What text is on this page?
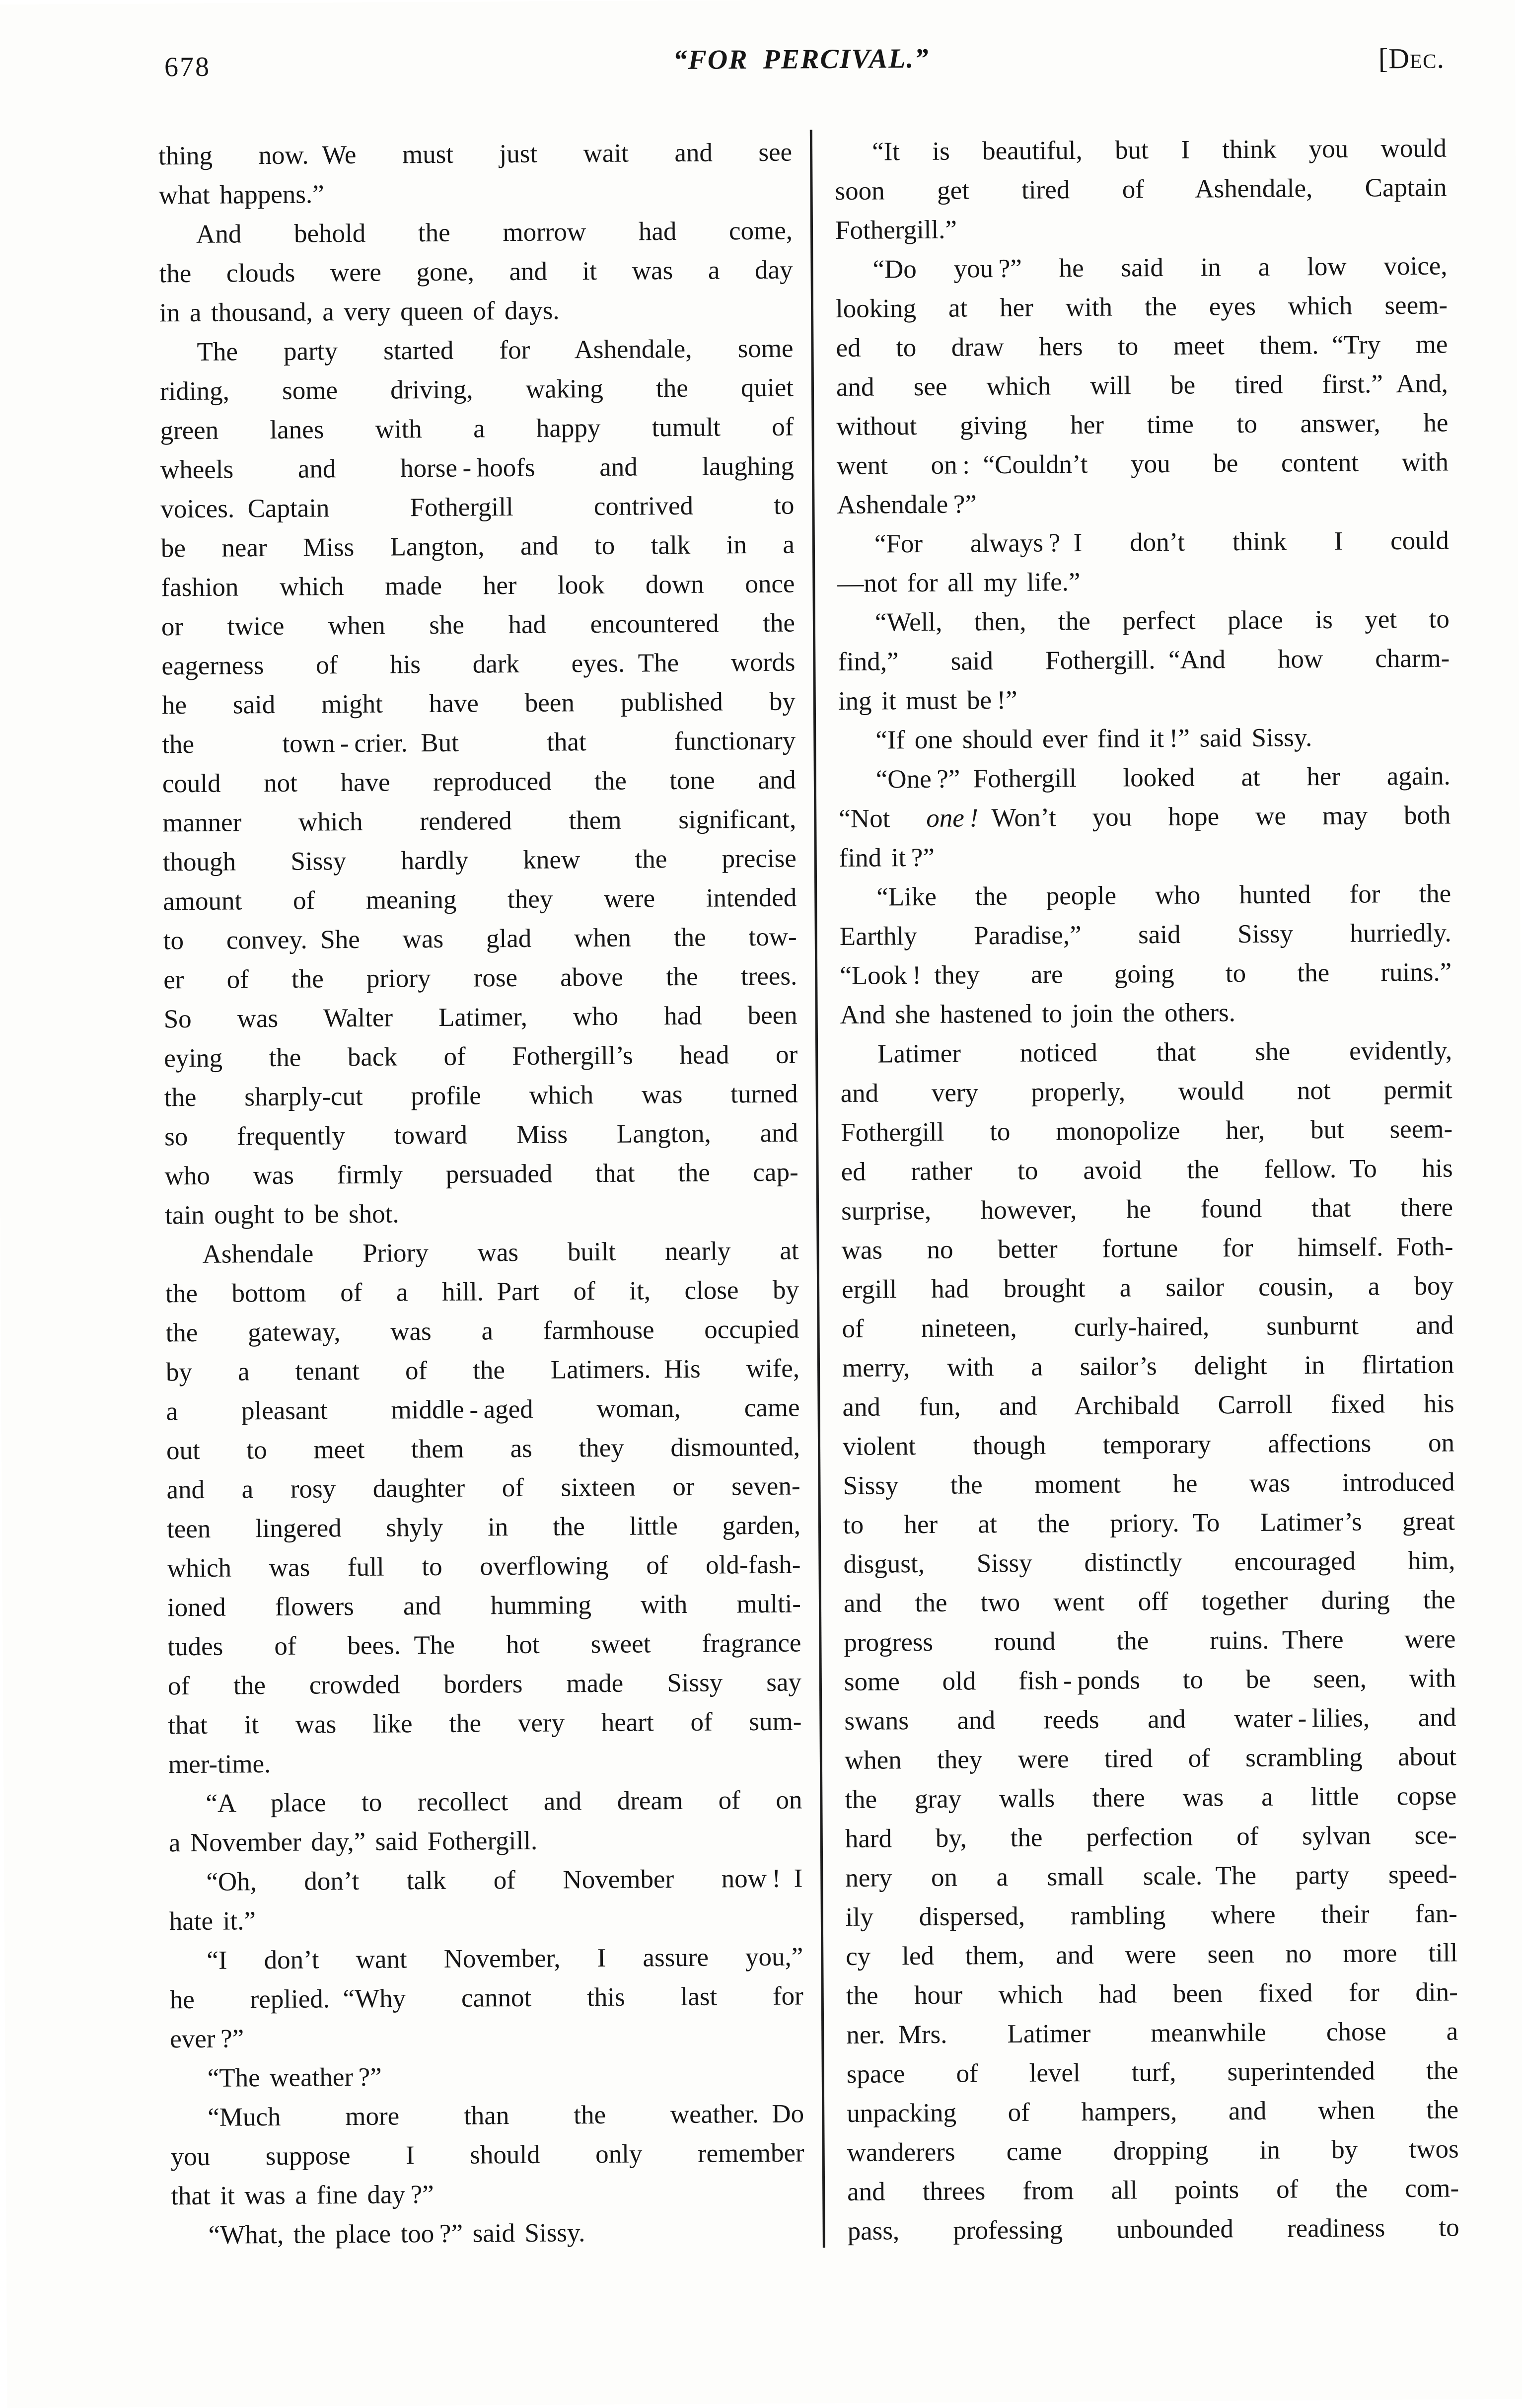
678	“FOR PERCIVAL.”	[Dec.
thing now. We must just wait and see
what happens.”
And behold the morrow had come,
the clouds were gone, and it was a day
in a thousand, a very queen of days.
The party started for Ashendale, some
riding, some driving, waking the quiet
green lanes with a happy tumult of
wheels and horse - hoofs and laughing
voices. Captain Fothergill contrived to
be near Miss Langton, and to talk in a
fashion which made her look down once
or twice when she had encountered the
eagerness of his dark eyes. The words
he said might have been published by
the town - crier. But that functionary
could not have reproduced the tone and
manner which rendered them significant,
though Sissy hardly knew the precise
amount of meaning they were intended
to convey. She was glad when the tow-
er of the priory rose above the trees.
So was Walter Latimer, who had been
eying the back of Fothergill’s head or
the sharply-cut profile which was turned
so frequently toward Miss Langton, and
who was firmly persuaded that the cap-
tain ought to be shot.
Ashendale Priory was built nearly at
the bottom of a hill. Part of it, close by
the gateway, was a farmhouse occupied
by a tenant of the Latimers. His wife,
a pleasant middle - aged woman, came
out to meet them as they dismounted,
and a rosy daughter of sixteen or seven-
teen lingered shyly in the little garden,
which was full to overflowing of old-fash-
ioned flowers and humming with multi-
tudes of bees. The hot sweet fragrance
of the crowded borders made Sissy say
that it was like the very heart of sum-
mer-time.
“A place to recollect and dream of on
a November day,” said Fothergill.
“Oh, don’t talk of November now ! I
hate it.”
“I don’t want November, I assure you,”
he replied. “Why cannot this last for
ever ?”
“The weather ?”
“Much more than the weather. Do
you suppose I should only remember
that it was a fine day ?”
“What, the place too ?” said Sissy.
“It is beautiful, but I think you would
soon get tired of Ashendale, Captain
Fothergill.”
“Do you ?” he said in a low voice,
looking at her with the eyes which seem-
ed to draw hers to meet them. “Try me
and see which will be tired first.” And,
without giving her time to answer, he
went on : “Couldn’t you be content with
Ashendale ?”
“For always ? I don’t think I could
—not for all my life.”
“Well, then, the perfect place is yet to
find,” said Fothergill. “And how charm-
ing it must be !”
“If one should ever find it !” said Sissy.
“One ?” Fothergill looked at her again.
“Not one ! Won’t you hope we may both
find it ?”
“Like the people who hunted for the
Earthly Paradise,” said Sissy hurriedly.
“Look ! they are going to the ruins.”
And she hastened to join the others.
Latimer noticed that she evidently,
and very properly, would not permit
Fothergill to monopolize her, but seem-
ed rather to avoid the fellow. To his
surprise, however, he found that there
was no better fortune for himself. Foth-
ergill had brought a sailor cousin, a boy
of nineteen, curly-haired, sunburnt and
merry, with a sailor’s delight in flirtation
and fun, and Archibald Carroll fixed his
violent though temporary affections on
Sissy the moment he was introduced
to her at the priory. To Latimer’s great
disgust, Sissy distinctly encouraged him,
and the two went off together during the
progress round the ruins. There were
some old fish - ponds to be seen, with
swans and reeds and water - lilies, and
when they were tired of scrambling about
the gray walls there was a little copse
hard by, the perfection of sylvan sce-
nery on a small scale. The party speed-
ily dispersed, rambling where their fan-
cy led them, and were seen no more till
the hour which had been fixed for din-
ner. Mrs. Latimer meanwhile chose a
space of level turf, superintended the
unpacking of hampers, and when the
wanderers came dropping in by twos
and threes from all points of the com-
pass, professing unbounded readiness to
